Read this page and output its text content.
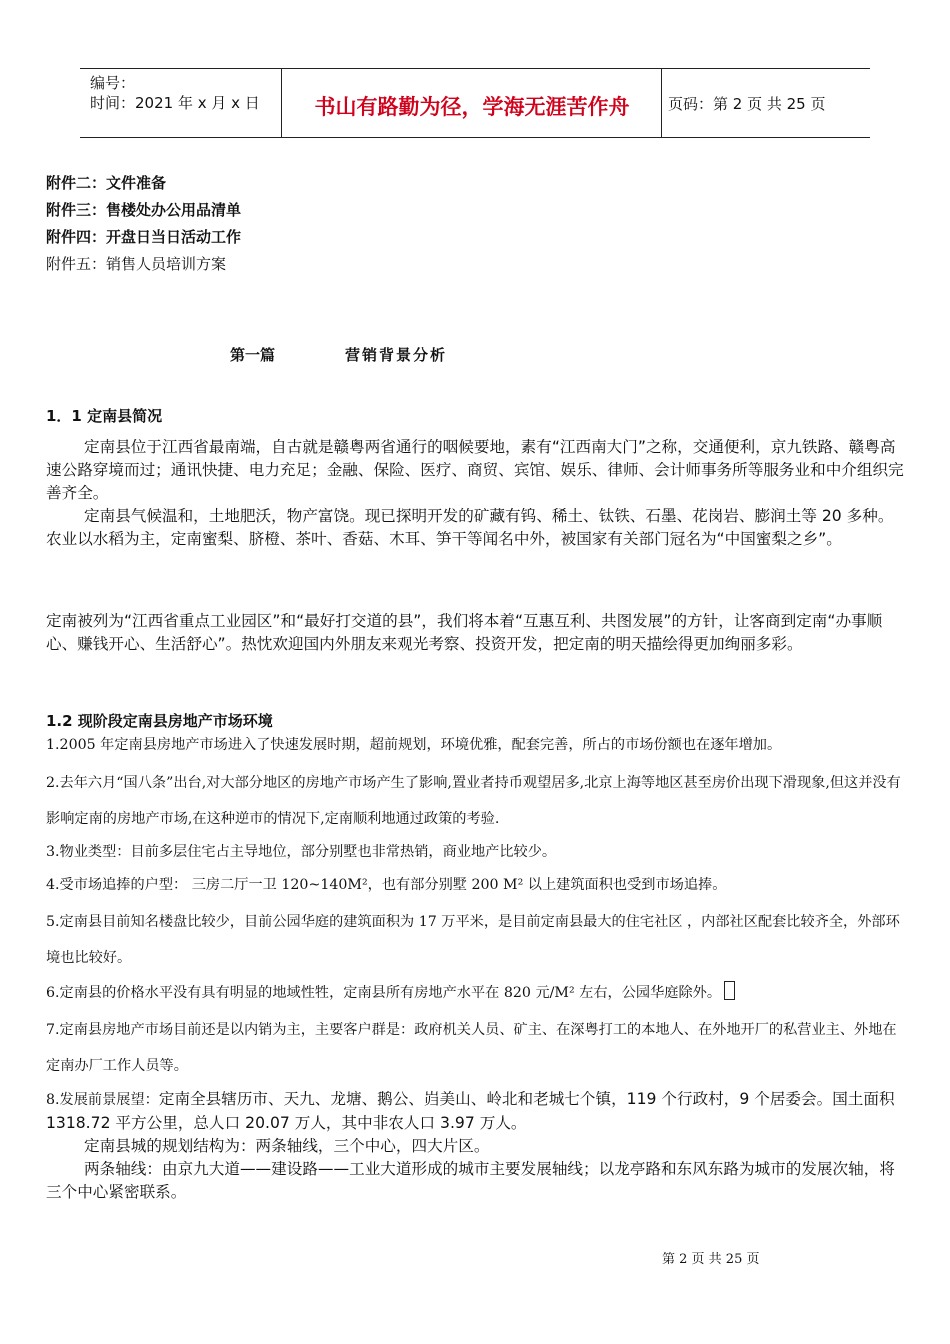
编号：
时间：2021 年 x 月 x 日	书山有路勤为径，学海无涯苦作舟	页码：第 2 页 共 25 页
附件二：文件准备
附件三：售楼处办公用品清单
附件四：开盘日当日活动工作
附件五：销售人员培训方案
第一篇	营销背景分析
1．1 定南县简况

定南县位于江西省最南端，自古就是赣粤两省通行的咽候要地，素有“江西南大门”之称，交通便利，京九铁路、赣粤高速公路穿境而过；通讯快捷、电力充足；金融、保险、医疗、商贸、宾馆、娱乐、律师、会计师事务所等服务业和中介组织完善齐全。

定南县气候温和，土地肥沃，物产富饶。现已探明开发的矿藏有钨、稀土、钛铁、石墨、花岗岩、膨润土等 20 多种。农业以水稻为主，定南蜜梨、脐橙、茶叶、香菇、木耳、笋干等闻名中外，被国家有关部门冠名为“中国蜜梨之乡”。

定南被列为“江西省重点工业园区”和“最好打交道的县”，我们将本着“互惠互利、共图发展”的方针，让客商到定南“办事顺心、赚钱开心、生活舒心”。热忱欢迎国内外朋友来观光考察、投资开发，把定南的明天描绘得更加绚丽多彩。

1.2 现阶段定南县房地产市场环境
1.2005 年定南县房地产市场进入了快速发展时期，超前规划，环境优雅，配套完善，所占的市场份额也在逐年增加。
2.去年六月“国八条”出台,对大部分地区的房地产市场产生了影响,置业者持币观望居多,北京上海等地区甚至房价出现下滑现象,但这并没有影响定南的房地产市场,在这种逆市的情况下,定南顺利地通过政策的考验.
3.物业类型：目前多层住宅占主导地位，部分别墅也非常热销，商业地产比较少。
4.受市场追捧的户型： 三房二厅一卫 120~140M²，也有部分别墅 200 M² 以上建筑面积也受到市场追捧。
5.定南县目前知名楼盘比较少，目前公园华庭的建筑面积为 17 万平米，是目前定南县最大的住宅社区 ，内部社区配套比较齐全，外部环境也比较好。
6.定南县的价格水平没有具有明显的地域性牲，定南县所有房地产水平在 820 元/M² 左右，公园华庭除外。
7.定南县房地产市场目前还是以内销为主，主要客户群是：政府机关人员、矿主、在深粤打工的本地人、在外地开厂的私营业主、外地在定南办厂工作人员等。

8.发展前景展望：定南全县辖历市、天九、龙塘、鹅公、岿美山、岭北和老城七个镇，119 个行政村，9 个居委会。国土面积 1318.72 平方公里，总人口 20.07 万人，其中非农人口 3.97 万人。

定南县城的规划结构为：两条轴线，三个中心，四大片区。

两条轴线：由京九大道——建设路——工业大道形成的城市主要发展轴线；以龙亭路和东风东路为城市的发展次轴，将三个中心紧密联系。

第 2 页 共 25 页
